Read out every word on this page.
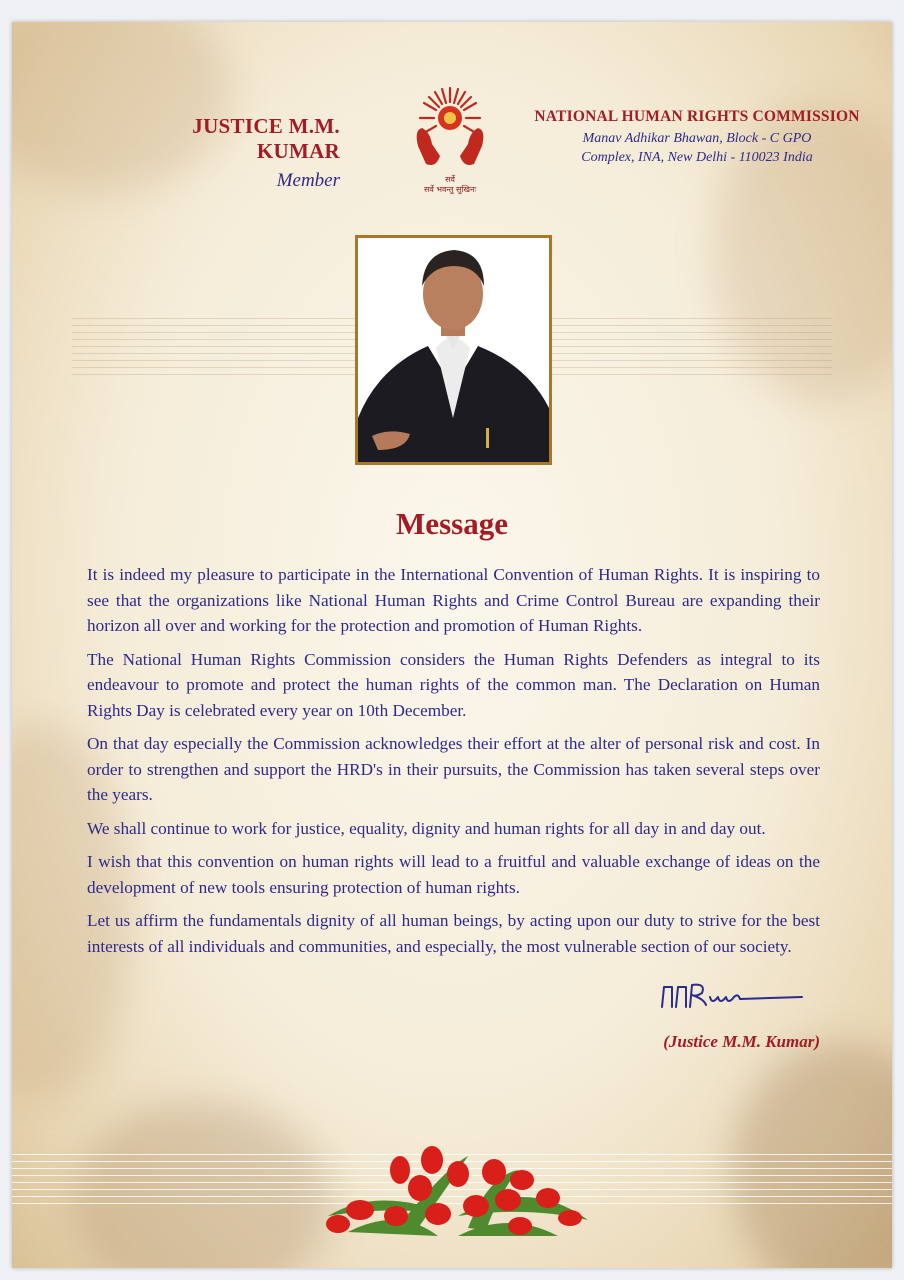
JUSTICE M.M. KUMAR
Member	सर्वे
सर्वे भवन्तु सुखिनः
NATIONAL HUMAN RIGHTS COMMISSION
Manav Adhikar Bhawan, Block - C GPO
Complex, INA, New Delhi - 110023 India
Message

It is indeed my pleasure to participate in the International Convention of Human Rights. It is inspiring to see that the organizations like National Human Rights and Crime Control Bureau are expanding their horizon all over and working for the protection and promotion of Human Rights.

The National Human Rights Commission considers the Human Rights Defenders as integral to its endeavour to promote and protect the human rights of the common man. The Declaration on Human Rights Day is celebrated every year on 10th December.

On that day especially the Commission acknowledges their effort at the alter of personal risk and cost. In order to strengthen and support the HRD's in their pursuits, the Commission has taken several steps over the years.

We shall continue to work for justice, equality, dignity and human rights for all day in and day out.

I wish that this convention on human rights will lead to a fruitful and valuable exchange of ideas on the development of new tools ensuring protection of human rights.

Let us affirm the fundamentals dignity of all human beings, by acting upon our duty to strive for the best interests of all individuals and communities, and especially, the most vulnerable section of our society.

(Justice M.M. Kumar)
